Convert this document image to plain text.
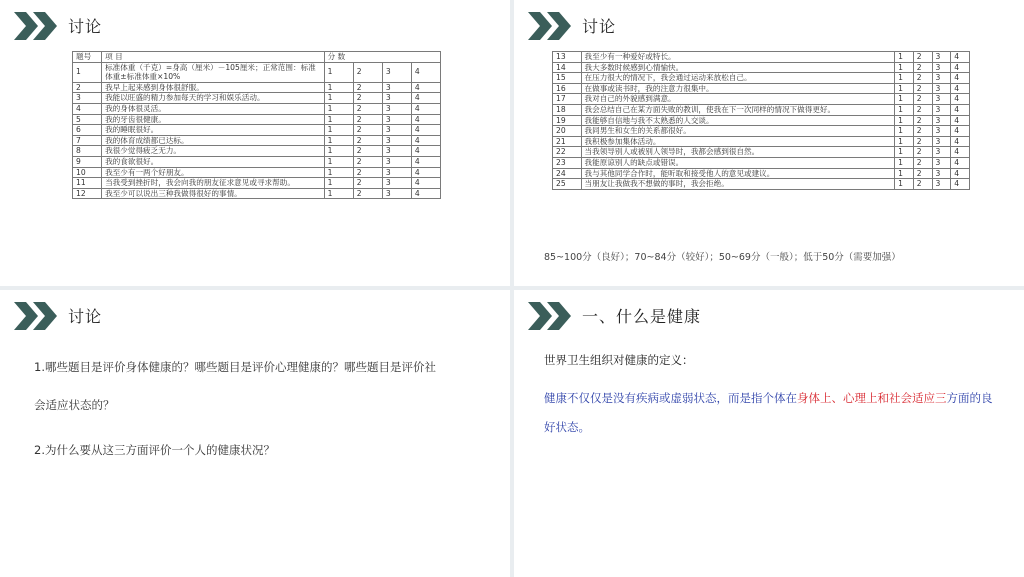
讨论
题号	项 目	分 数			
1	标准体重（千克）=身高（厘米）－105厘米；正常范围：标准体重±标准体重×10%	1	2	3	4
2	我早上起来感到身体很舒服。	1	2	3	4
3	我能以旺盛的精力参加每天的学习和娱乐活动。	1	2	3	4
4	我的身体很灵活。	1	2	3	4
5	我的牙齿很健康。	1	2	3	4
6	我的睡眠很好。	1	2	3	4
7	我的体育成绩都已达标。	1	2	3	4
8	我很少觉得疲乏无力。	1	2	3	4
9	我的食欲很好。	1	2	3	4
10	我至少有一两个好朋友。	1	2	3	4
11	当我受到挫折时，我会向我的朋友征求意见或寻求帮助。	1	2	3	4
12	我至少可以说出三种我做得很好的事情。	1	2	3	4
讨论
13	我至少有一种爱好或特长。	1	2	3	4
14	我大多数时候感到心情愉快。	1	2	3	4
15	在压力很大的情况下，我会通过运动来放松自己。	1	2	3	4
16	在做事或读书时，我的注意力很集中。	1	2	3	4
17	我对自己的外貌感到满意。	1	2	3	4
18	我会总结自己在某方面失败的教训，使我在下一次同样的情况下做得更好。	1	2	3	4
19	我能够自信地与我不太熟悉的人交谈。	1	2	3	4
20	我同男生和女生的关系都很好。	1	2	3	4
21	我积极参加集体活动。	1	2	3	4
22	当我领导别人或被别人领导时，我都会感到很自然。	1	2	3	4
23	我能原谅别人的缺点或错误。	1	2	3	4
24	我与其他同学合作时，能听取和接受他人的意见或建议。	1	2	3	4
25	当朋友让我做我不想做的事时，我会拒绝。	1	2	3	4
85~100分（良好）；70~84分（较好）；50~69分（一般）；低于50分（需要加强）
讨论
1.哪些题目是评价身体健康的？哪些题目是评价心理健康的？哪些题目是评价社
会适应状态的？
2.为什么要从这三方面评价一个人的健康状况？
一、什么是健康
世界卫生组织对健康的定义：
健康不仅仅是没有疾病或虚弱状态，而是指个体在身体上、心理上和社会适应三方面的良好状态。
